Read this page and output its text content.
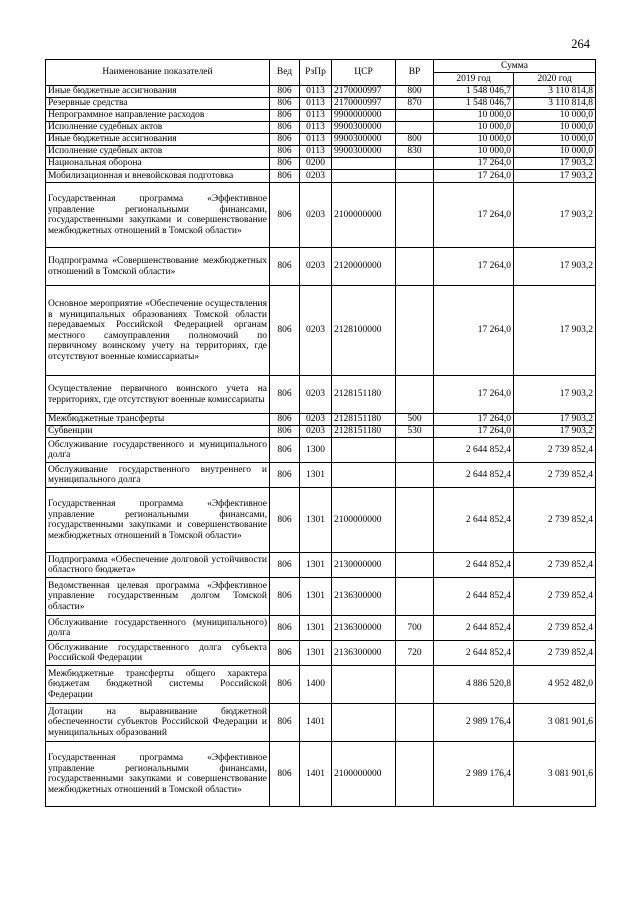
264
Наименование показателей	Вед	РзПр	ЦСР	ВР	Сумма	
					2019 год	2020 год
Иные бюджетные ассигнования	806	0113	2170000997	800	1 548 046,7	3 110 814,8
Резервные средства	806	0113	2170000997	870	1 548 046,7	3 110 814,8
Непрограммное направление расходов	806	0113	9900000000		10 000,0	10 000,0
Исполнение судебных актов	806	0113	9900300000		10 000,0	10 000,0
Иные бюджетные ассигнования	806	0113	9900300000	800	10 000,0	10 000,0
Исполнение судебных актов	806	0113	9900300000	830	10 000,0	10 000,0
Национальная оборона	806	0200			17 264,0	17 903,2
Мобилизационная и вневойсковая подготовка	806	0203			17 264,0	17 903,2
Государственная программа «Эффективное управление региональными финансами, государственными закупками и совершенствование межбюджетных отношений в Томской области»	806	0203	2100000000		17 264,0	17 903,2
Подпрограмма «Совершенствование межбюджетных отношений в Томской области»	806	0203	2120000000		17 264,0	17 903,2
Основное мероприятие «Обеспечение осуществления в муниципальных образованиях Томской области передаваемых Российской Федерацией органам местного самоуправления полномочий по первичному воинскому учету на территориях, где отсутствуют военные комиссариаты»	806	0203	2128100000		17 264,0	17 903,2
Осуществление первичного воинского учета на территориях, где отсутствуют военные комиссариаты	806	0203	2128151180		17 264,0	17 903,2
Межбюджетные трансферты	806	0203	2128151180	500	17 264,0	17 903,2
Субвенции	806	0203	2128151180	530	17 264,0	17 903,2
Обслуживание государственного и муниципального долга	806	1300			2 644 852,4	2 739 852,4
Обслуживание государственного внутреннего и муниципального долга	806	1301			2 644 852,4	2 739 852,4
Государственная программа «Эффективное управление региональными финансами, государственными закупками и совершенствование межбюджетных отношений в Томской области»	806	1301	2100000000		2 644 852,4	2 739 852,4
Подпрограмма «Обеспечение долговой устойчивости областного бюджета»	806	1301	2130000000		2 644 852,4	2 739 852,4
Ведомственная целевая программа «Эффективное управление государственным долгом Томской области»	806	1301	2136300000		2 644 852,4	2 739 852,4
Обслуживание государственного (муниципального) долга	806	1301	2136300000	700	2 644 852,4	2 739 852,4
Обслуживание государственного долга субъекта Российской Федерации	806	1301	2136300000	720	2 644 852,4	2 739 852,4
Межбюджетные трансферты общего характера бюджетам бюджетной системы Российской Федерации	806	1400			4 886 520,8	4 952 482,0
Дотации на выравнивание бюджетной обеспеченности субъектов Российской Федерации и муниципальных образований	806	1401			2 989 176,4	3 081 901,6
Государственная программа «Эффективное управление региональными финансами, государственными закупками и совершенствование межбюджетных отношений в Томской области»	806	1401	2100000000		2 989 176,4	3 081 901,6
